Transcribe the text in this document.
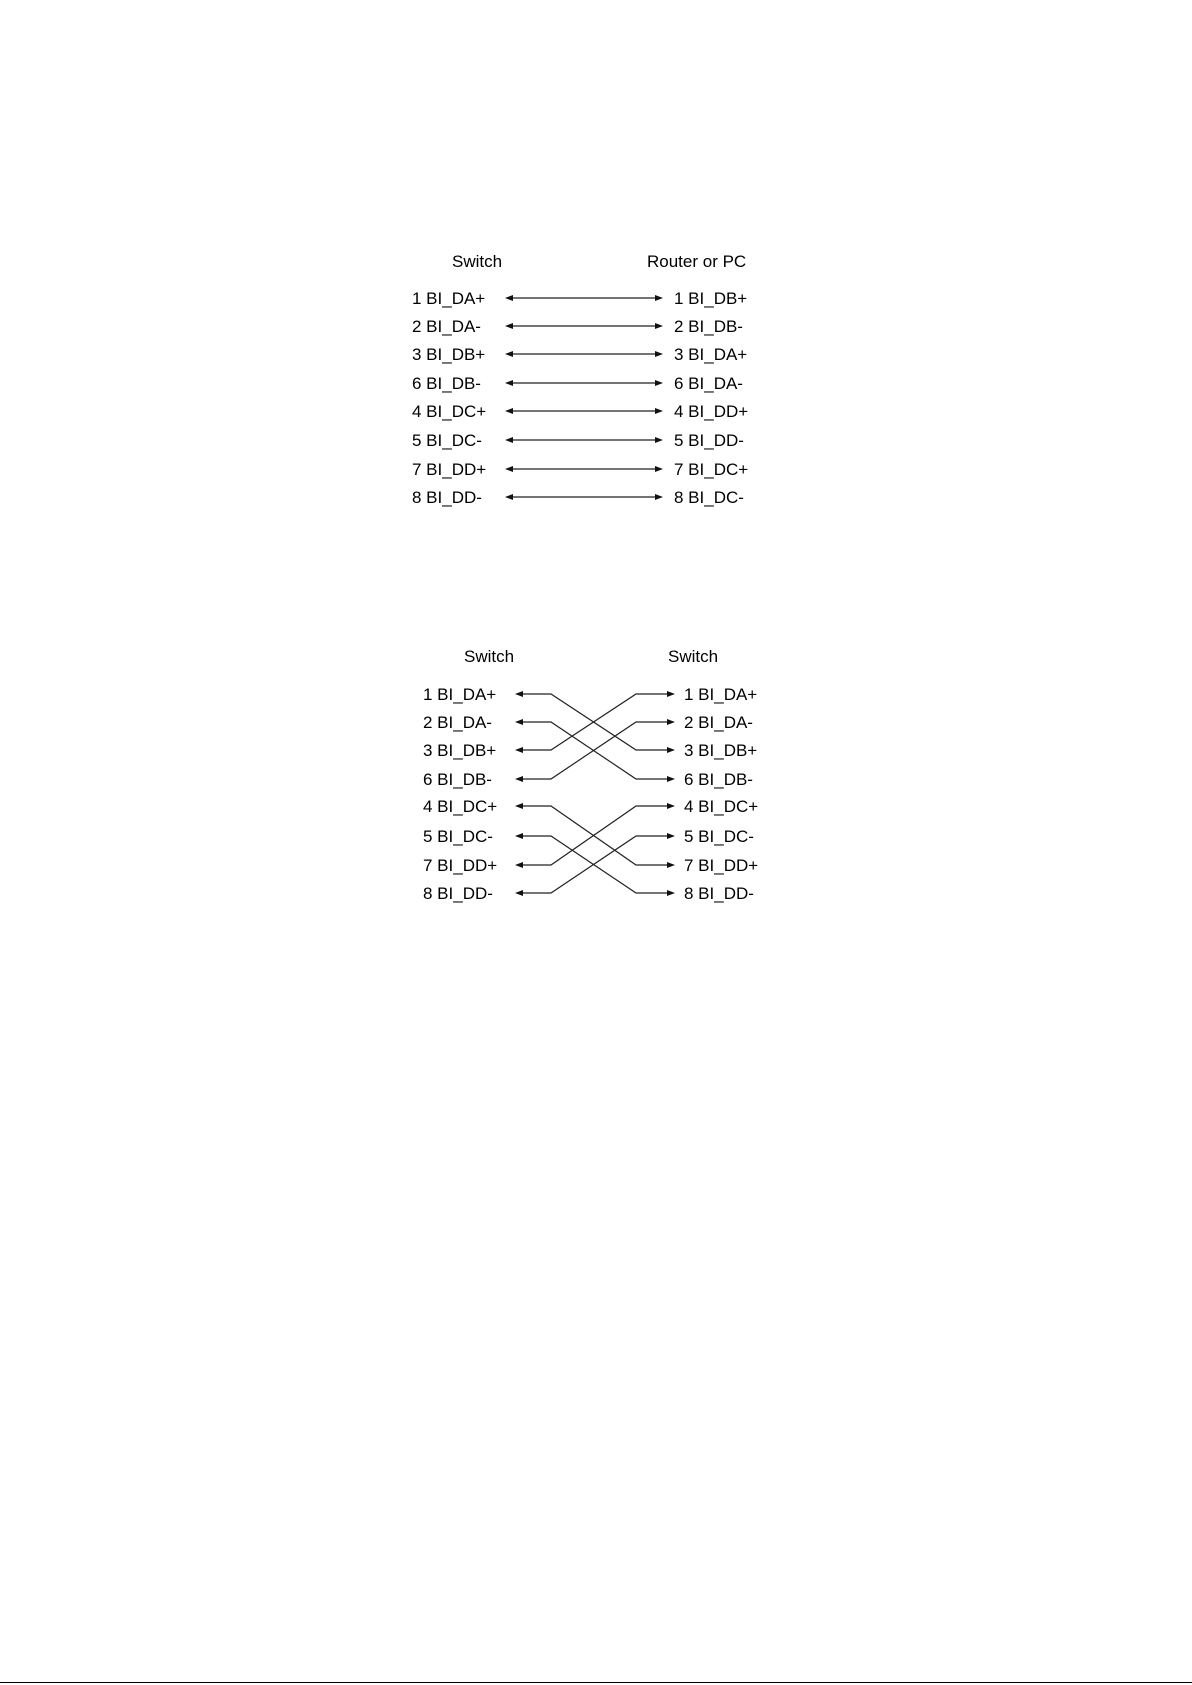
Switch	Router or PC
1 BI_DA+	1 BI_DB+
2 BI_DA-	2 BI_DB-
3 BI_DB+	3 BI_DA+
6 BI_DB-	6 BI_DA-
4 BI_DC+	4 BI_DD+
5 BI_DC-	5 BI_DD-
7 BI_DD+	7 BI_DC+
8 BI_DD-	8 BI_DC-
Switch	Switch
1 BI_DA+	1 BI_DA+
2 BI_DA-	2 BI_DA-
3 BI_DB+	3 BI_DB+
6 BI_DB-	6 BI_DB-
4 BI_DC+	4 BI_DC+
5 BI_DC-	5 BI_DC-
7 BI_DD+	7 BI_DD+
8 BI_DD-	8 BI_DD-
